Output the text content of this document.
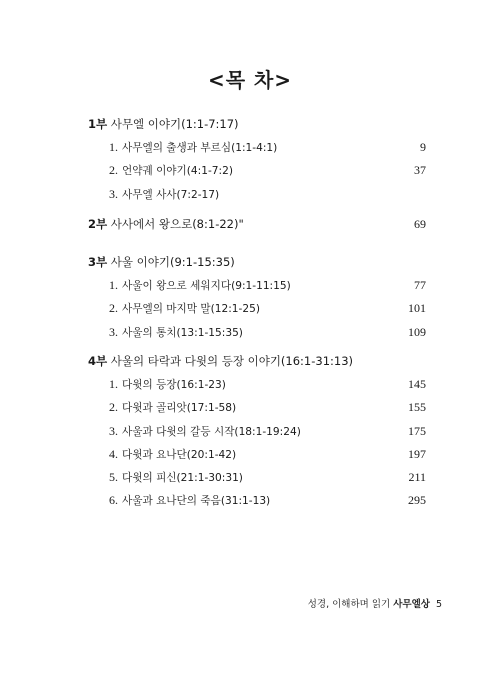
<목 차>
1부 사무엘 이야기(1:1-7:17)
1. 사무엘의 출생과 부르심(1:1-4:1)	9
2. 언약궤 이야기(4:1-7:2)	37
3. 사무엘 사사(7:2-17)
2부 사사에서 왕으로(8:1-22)"	69
3부 사울 이야기(9:1-15:35)
1. 사울이 왕으로 세워지다(9:1-11:15)	77
2. 사무엘의 마지막 말(12:1-25)	101
3. 사울의 통치(13:1-15:35)	109
4부 사울의 타락과 다윗의 등장 이야기(16:1-31:13)
1. 다윗의 등장(16:1-23)	145
2. 다윗과 골리앗(17:1-58)	155
3. 사울과 다윗의 갈등 시작(18:1-19:24)	175
4. 다윗과 요나단(20:1-42)	197
5. 다윗의 피신(21:1-30:31)	211
6. 사울과 요나단의 죽음(31:1-13)	295
성경, 이해하며 읽기 사무엘상 5
